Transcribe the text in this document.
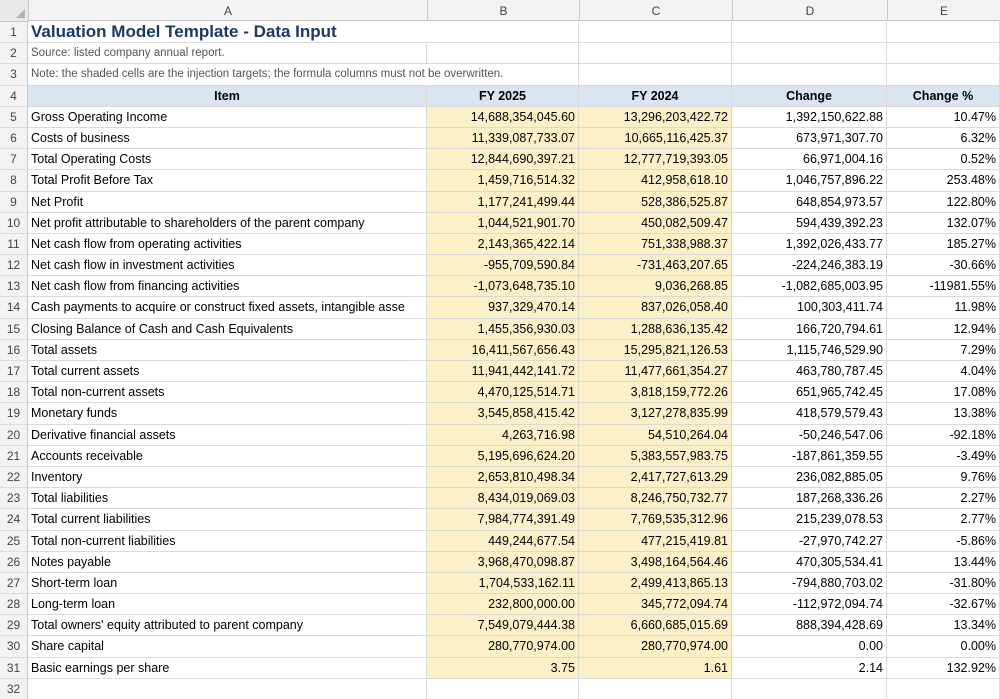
A	B	C	D	E
1 Valuation Model Template - Data Input
2	Source: listed company annual report.
3	Note: the shaded cells are the injection targets; the formula columns must not be overwritten.
4	Item	FY 2025	FY 2024	Change	Change %
5	Gross Operating Income	14,688,354,045.60	13,296,203,422.72	1,392,150,622.88	10.47%
6	Costs of business	11,339,087,733.07	10,665,116,425.37	673,971,307.70	6.32%
7	Total Operating Costs	12,844,690,397.21	12,777,719,393.05	66,971,004.16	0.52%
8	Total Profit Before Tax	1,459,716,514.32	412,958,618.10	1,046,757,896.22	253.48%
9	Net Profit	1,177,241,499.44	528,386,525.87	648,854,973.57	122.80%
10 Net profit attributable to shareholders of the parent company	1,044,521,901.70	450,082,509.47	594,439,392.23	132.07%
11 Net cash flow from operating activities	2,143,365,422.14	751,338,988.37	1,392,026,433.77	185.27%
12 Net cash flow in investment activities	-955,709,590.84	-731,463,207.65	-224,246,383.19	-30.66%
13 Net cash flow from financing activities	-1,073,648,735.10	9,036,268.85	-1,082,685,003.95	-11981.55%
14 Cash payments to acquire or construct fixed assets, intangible asse	937,329,470.14	837,026,058.40	100,303,411.74	11.98%
15 Closing Balance of Cash and Cash Equivalents	1,455,356,930.03	1,288,636,135.42	166,720,794.61	12.94%
16 Total assets	16,411,567,656.43	15,295,821,126.53	1,115,746,529.90	7.29%
17 Total current assets	11,941,442,141.72	11,477,661,354.27	463,780,787.45	4.04%
18 Total non-current assets	4,470,125,514.71	3,818,159,772.26	651,965,742.45	17.08%
19 Monetary funds	3,545,858,415.42	3,127,278,835.99	418,579,579.43	13.38%
20 Derivative financial assets	4,263,716.98	54,510,264.04	-50,246,547.06	-92.18%
21 Accounts receivable	5,195,696,624.20	5,383,557,983.75	-187,861,359.55	-3.49%
22 Inventory	2,653,810,498.34	2,417,727,613.29	236,082,885.05	9.76%
23 Total liabilities	8,434,019,069.03	8,246,750,732.77	187,268,336.26	2.27%
24 Total current liabilities	7,984,774,391.49	7,769,535,312.96	215,239,078.53	2.77%
25 Total non-current liabilities	449,244,677.54	477,215,419.81	-27,970,742.27	-5.86%
26 Notes payable	3,968,470,098.87	3,498,164,564.46	470,305,534.41	13.44%
27 Short-term loan	1,704,533,162.11	2,499,413,865.13	-794,880,703.02	-31.80%
28 Long-term loan	232,800,000.00	345,772,094.74	-112,972,094.74	-32.67%
29 Total owners' equity attributed to parent company	7,549,079,444.38	6,660,685,015.69	888,394,428.69	13.34%
30 Share capital	280,770,974.00	280,770,974.00	0.00	0.00%
31 Basic earnings per share	3.75	1.61	2.14	132.92%
32
